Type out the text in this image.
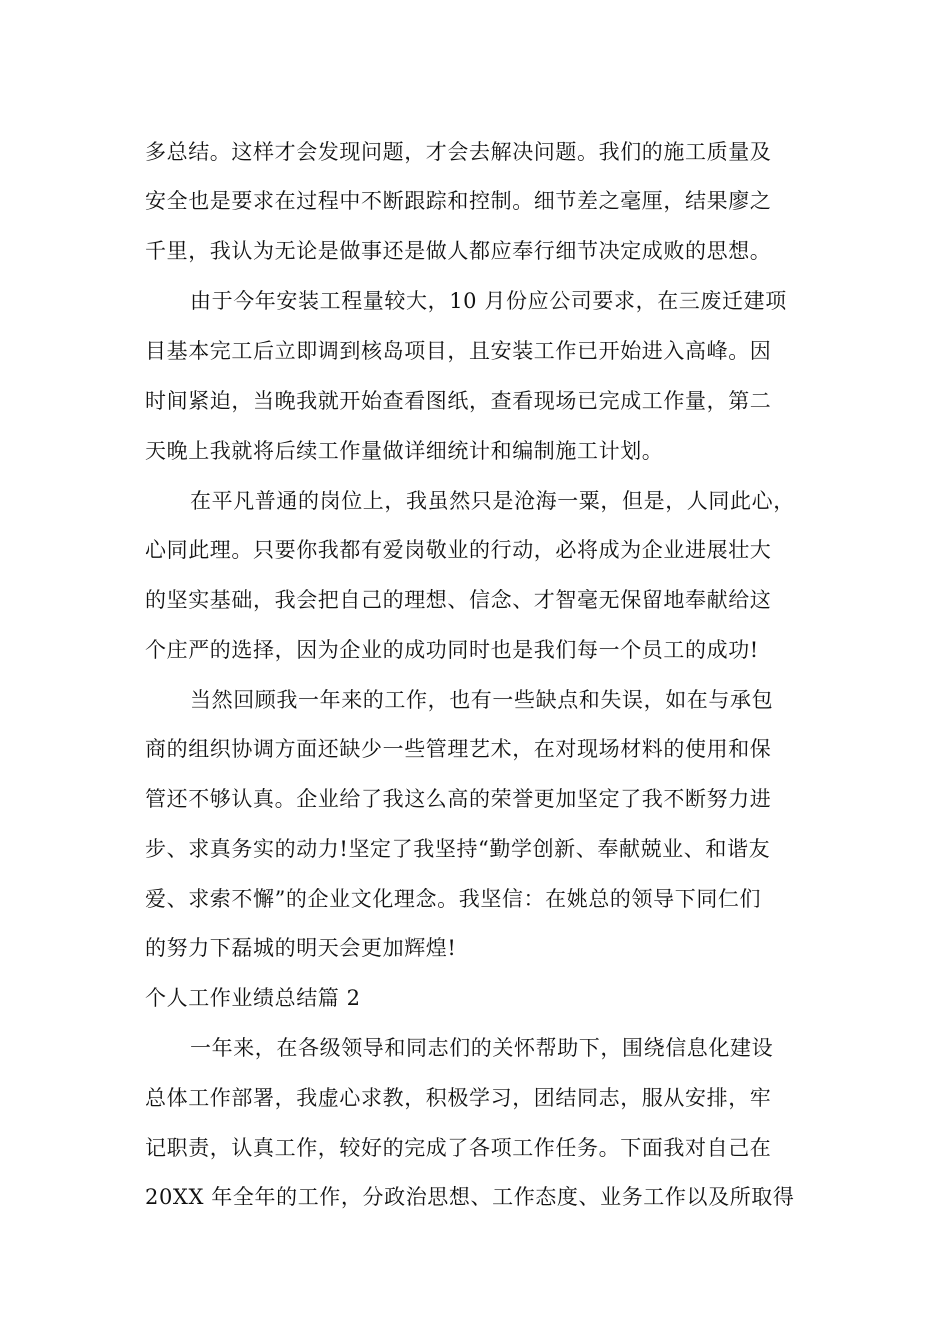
多总结。这样才会发现问题，才会去解决问题。我们的施工质量及
安全也是要求在过程中不断跟踪和控制。细节差之毫厘，结果廖之
千里，我认为无论是做事还是做人都应奉行细节决定成败的思想。
由于今年安装工程量较大，10 月份应公司要求，在三废迁建项
目基本完工后立即调到核岛项目，且安装工作已开始进入高峰。因
时间紧迫，当晚我就开始查看图纸，查看现场已完成工作量，第二
天晚上我就将后续工作量做详细统计和编制施工计划。
在平凡普通的岗位上，我虽然只是沧海一粟，但是，人同此心，
心同此理。只要你我都有爱岗敬业的行动，必将成为企业进展壮大
的坚实基础，我会把自己的理想、信念、才智毫无保留地奉献给这
个庄严的选择，因为企业的成功同时也是我们每一个员工的成功!
当然回顾我一年来的工作，也有一些缺点和失误，如在与承包
商的组织协调方面还缺少一些管理艺术，在对现场材料的使用和保
管还不够认真。企业给了我这么高的荣誉更加坚定了我不断努力进
步、求真务实的动力!坚定了我坚持“勤学创新、奉献兢业、和谐友
爱、求索不懈”的企业文化理念。我坚信：在姚总的领导下同仁们
的努力下磊城的明天会更加辉煌!
个人工作业绩总结篇 2
一年来，在各级领导和同志们的关怀帮助下，围绕信息化建设
总体工作部署，我虚心求教，积极学习，团结同志，服从安排，牢
记职责，认真工作，较好的完成了各项工作任务。下面我对自己在
20XX 年全年的工作，分政治思想、工作态度、业务工作以及所取得
